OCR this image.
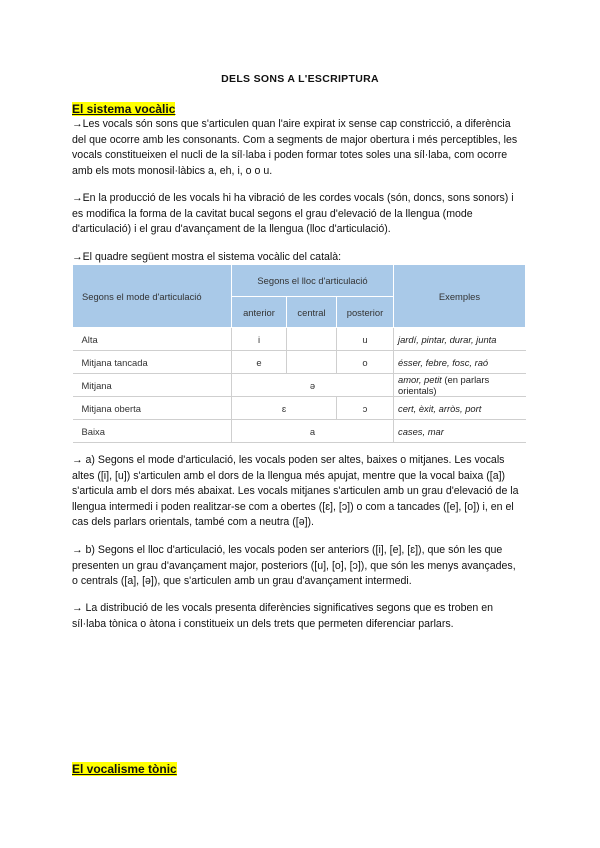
DELS SONS A L'ESCRIPTURA
El sistema vocàlic
→Les vocals són sons que s'articulen quan l'aire expirat ix sense cap constricció, a diferència del que ocorre amb les consonants. Com a segments de major obertura i més perceptibles, les vocals constitueixen el nucli de la síl·laba i poden formar totes soles una síl·laba, com ocorre amb els mots monosil·làbics a, eh, i, o o u.
→En la producció de les vocals hi ha vibració de les cordes vocals (són, doncs, sons sonors) i es modifica la forma de la cavitat bucal segons el grau d'elevació de la llengua (mode d'articulació) i el grau d'avançament de la llengua (lloc d'articulació).
→El quadre següent mostra el sistema vocàlic del català:
Segons el mode d'articulació	Segons el lloc d'articulació			Exemples
	anterior	central	posterior	
Alta	i		u	jardí, pintar, durar, junta
Mitjana tancada	e		o	ésser, febre, fosc, raó
Mitjana	ə			amor, petit (en parlars orientals)
Mitjana oberta	ɛ		ɔ	cert, èxit, arròs, port
Baixa	a			cases, mar
→ a) Segons el mode d'articulació, les vocals poden ser altes, baixes o mitjanes. Les vocals altes ([i], [u]) s'articulen amb el dors de la llengua més apujat, mentre que la vocal baixa ([a]) s'articula amb el dors més abaixat. Les vocals mitjanes s'articulen amb un grau d'elevació de la llengua intermedi i poden realitzar-se com a obertes ([ɛ], [ɔ]) o com a tancades ([e], [o]) i, en el cas dels parlars orientals, també com a neutra ([ə]).
→ b) Segons el lloc d'articulació, les vocals poden ser anteriors ([i], [e], [ɛ]), que són les que presenten un grau d'avançament major, posteriors ([u], [o], [ɔ]), que són les menys avançades, o centrals ([a], [ə]), que s'articulen amb un grau d'avançament intermedi.
→ La distribució de les vocals presenta diferències significatives segons que es troben en síl·laba tònica o àtona i constitueix un dels trets que permeten diferenciar parlars.
El vocalisme tònic
